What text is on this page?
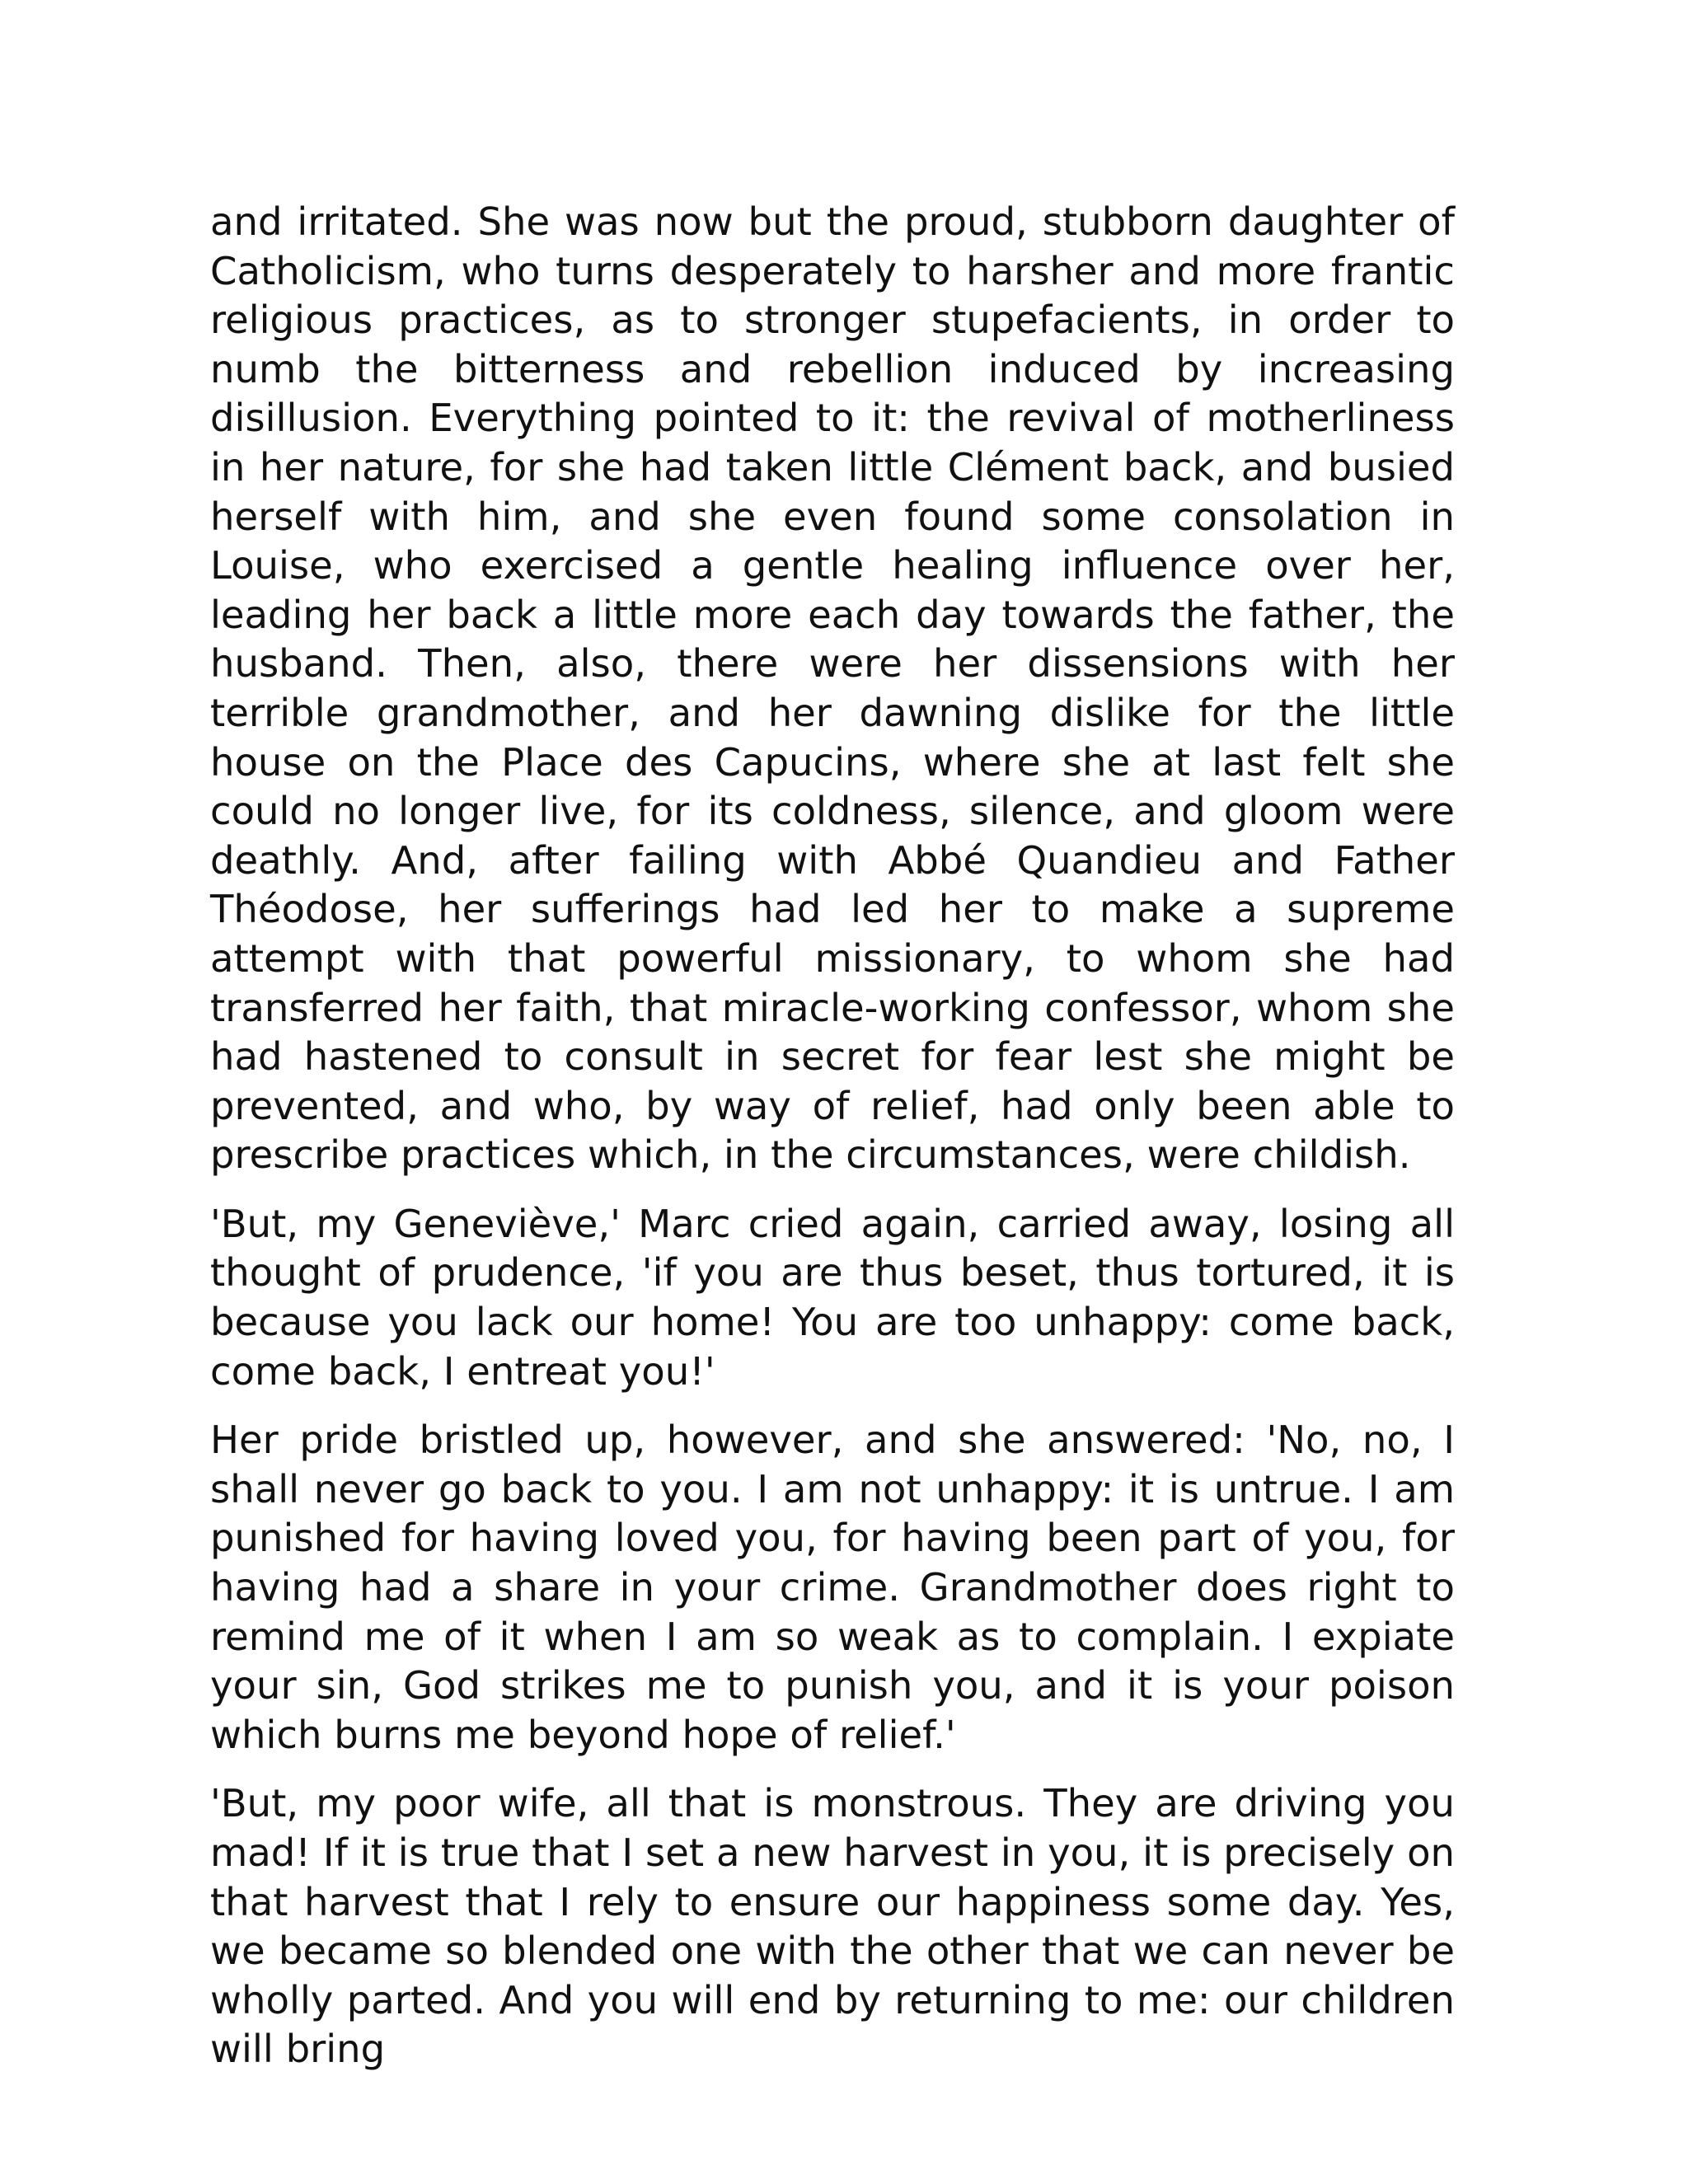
and irritated. She was now but the proud, stubborn daughter of Catholicism, who turns desperately to harsher and more frantic religious practices, as to stronger stupefacients, in order to numb the bitterness and rebellion induced by increasing disillusion. Everything pointed to it: the revival of motherliness in her nature, for she had taken little Clément back, and busied herself with him, and she even found some consolation in Louise, who exercised a gentle healing influence over her, leading her back a little more each day towards the father, the husband. Then, also, there were her dissensions with her terrible grandmother, and her dawning dislike for the little house on the Place des Capucins, where she at last felt she could no longer live, for its coldness, silence, and gloom were deathly. And, after failing with Abbé Quandieu and Father Théodose, her sufferings had led her to make a supreme attempt with that powerful missionary, to whom she had transferred her faith, that miracle-working confessor, whom she had hastened to consult in secret for fear lest she might be prevented, and who, by way of relief, had only been able to prescribe practices which, in the circumstances, were childish.

'But, my Geneviève,' Marc cried again, carried away, losing all thought of prudence, 'if you are thus beset, thus tortured, it is because you lack our home! You are too unhappy: come back, come back, I entreat you!'

Her pride bristled up, however, and she answered: 'No, no, I shall never go back to you. I am not unhappy: it is untrue. I am punished for having loved you, for having been part of you, for having had a share in your crime. Grandmother does right to remind me of it when I am so weak as to complain. I expiate your sin, God strikes me to punish you, and it is your poison which burns me beyond hope of relief.'

'But, my poor wife, all that is monstrous. They are driving you mad! If it is true that I set a new harvest in you, it is precisely on that harvest that I rely to ensure our happiness some day. Yes, we became so blended one with the other that we can never be wholly parted. And you will end by returning to me: our children will bring
